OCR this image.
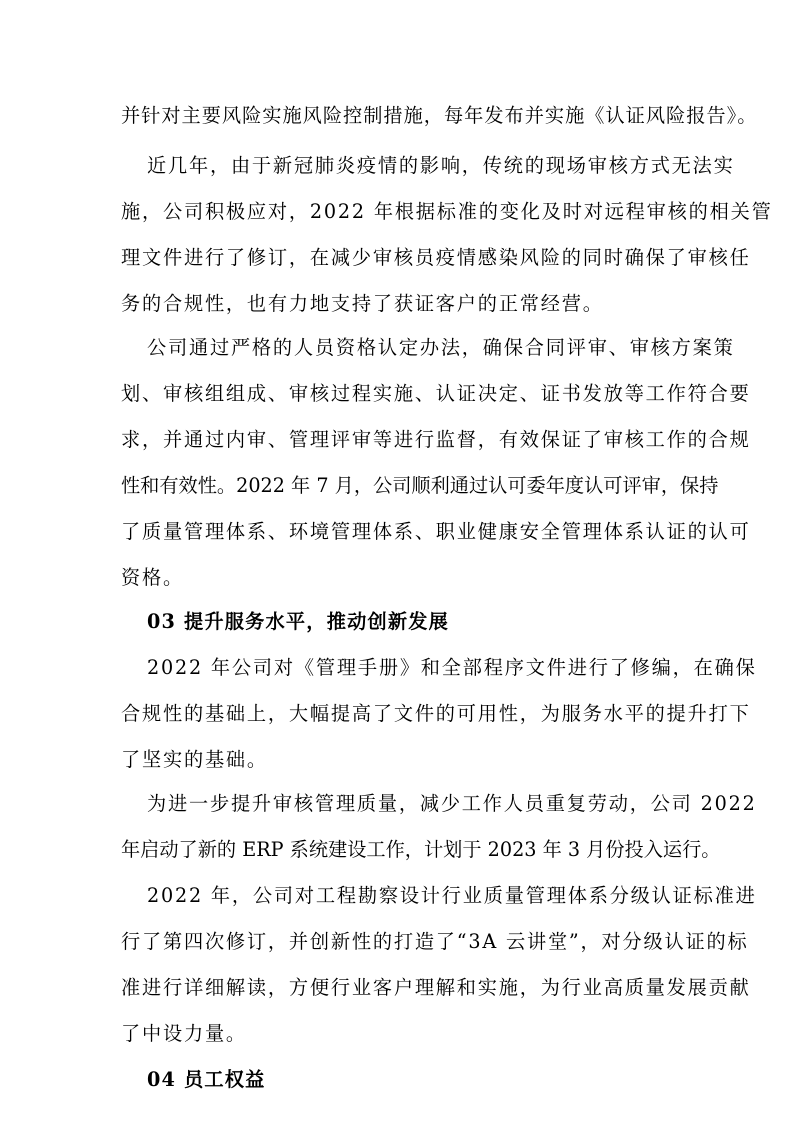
并针对主要风险实施风险控制措施，每年发布并实施《认证风险报告》。
近几年，由于新冠肺炎疫情的影响，传统的现场审核方式无法实
施，公司积极应对，2022 年根据标准的变化及时对远程审核的相关管
理文件进行了修订，在减少审核员疫情感染风险的同时确保了审核任
务的合规性，也有力地支持了获证客户的正常经营。
公司通过严格的人员资格认定办法，确保合同评审、审核方案策
划、审核组组成、审核过程实施、认证决定、证书发放等工作符合要
求，并通过内审、管理评审等进行监督，有效保证了审核工作的合规
性和有效性。2022 年 7 月，公司顺利通过认可委年度认可评审，保持
了质量管理体系、环境管理体系、职业健康安全管理体系认证的认可
资格。
03 提升服务水平，推动创新发展
2022 年公司对《管理手册》和全部程序文件进行了修编，在确保
合规性的基础上，大幅提高了文件的可用性，为服务水平的提升打下
了坚实的基础。
为进一步提升审核管理质量，减少工作人员重复劳动，公司 2022
年启动了新的 ERP 系统建设工作，计划于 2023 年 3 月份投入运行。
2022 年，公司对工程勘察设计行业质量管理体系分级认证标准进
行了第四次修订，并创新性的打造了“3A 云讲堂”，对分级认证的标
准进行详细解读，方便行业客户理解和实施，为行业高质量发展贡献
了中设力量。
04 员工权益
